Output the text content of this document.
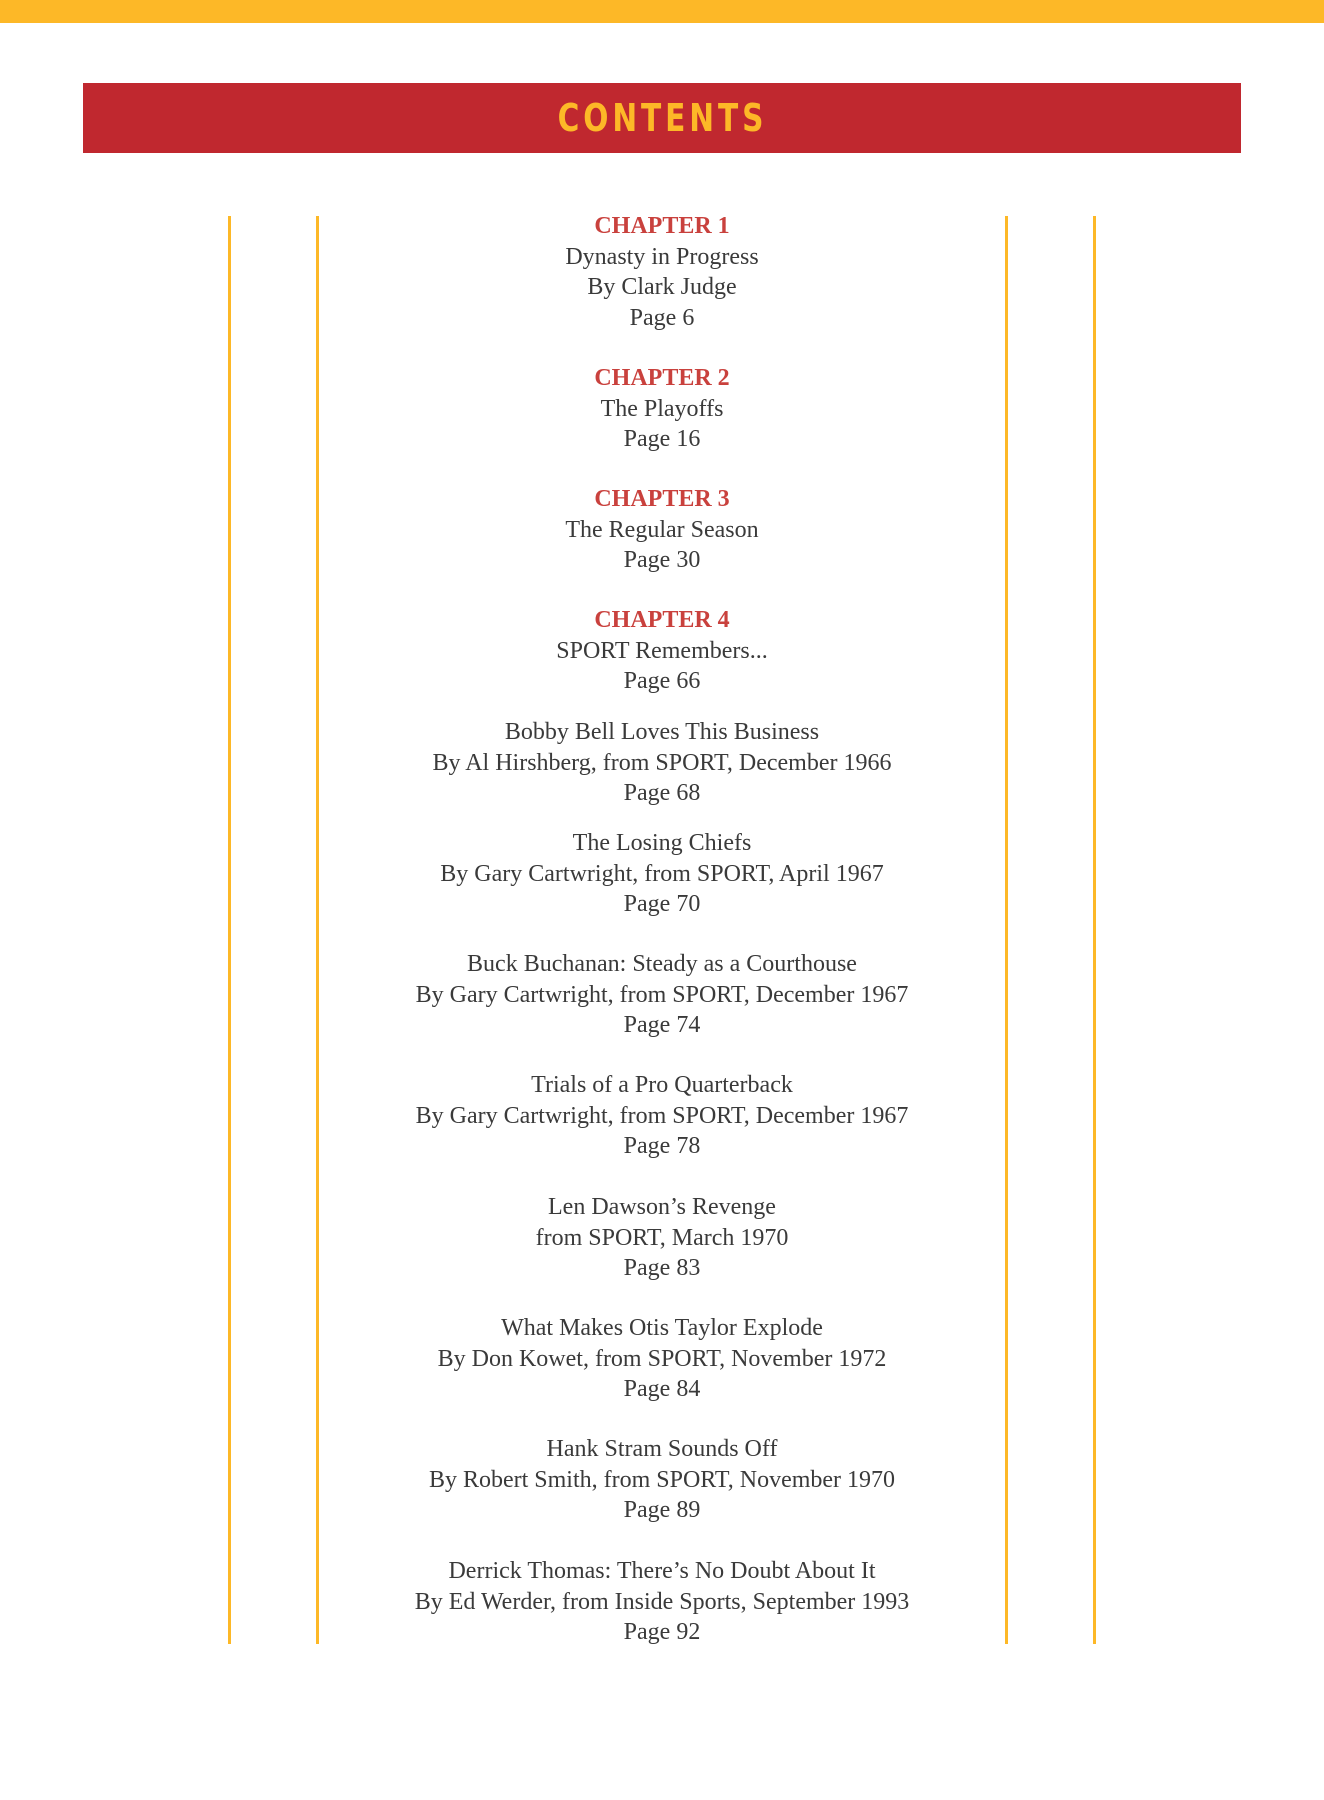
CONTENTS
CHAPTER 1
Dynasty in Progress
By Clark Judge
Page 6
CHAPTER 2
The Playoffs
Page 16
CHAPTER 3
The Regular Season
Page 30
CHAPTER 4
SPORT Remembers...
Page 66
Bobby Bell Loves This Business
By Al Hirshberg, from SPORT, December 1966
Page 68
The Losing Chiefs
By Gary Cartwright, from SPORT, April 1967
Page 70
Buck Buchanan: Steady as a Courthouse
By Gary Cartwright, from SPORT, December 1967
Page 74
Trials of a Pro Quarterback
By Gary Cartwright, from SPORT, December 1967
Page 78
Len Dawson’s Revenge
from SPORT, March 1970
Page 83
What Makes Otis Taylor Explode
By Don Kowet, from SPORT, November 1972
Page 84
Hank Stram Sounds Off
By Robert Smith, from SPORT, November 1970
Page 89
Derrick Thomas: There’s No Doubt About It
By Ed Werder, from Inside Sports, September 1993
Page 92
